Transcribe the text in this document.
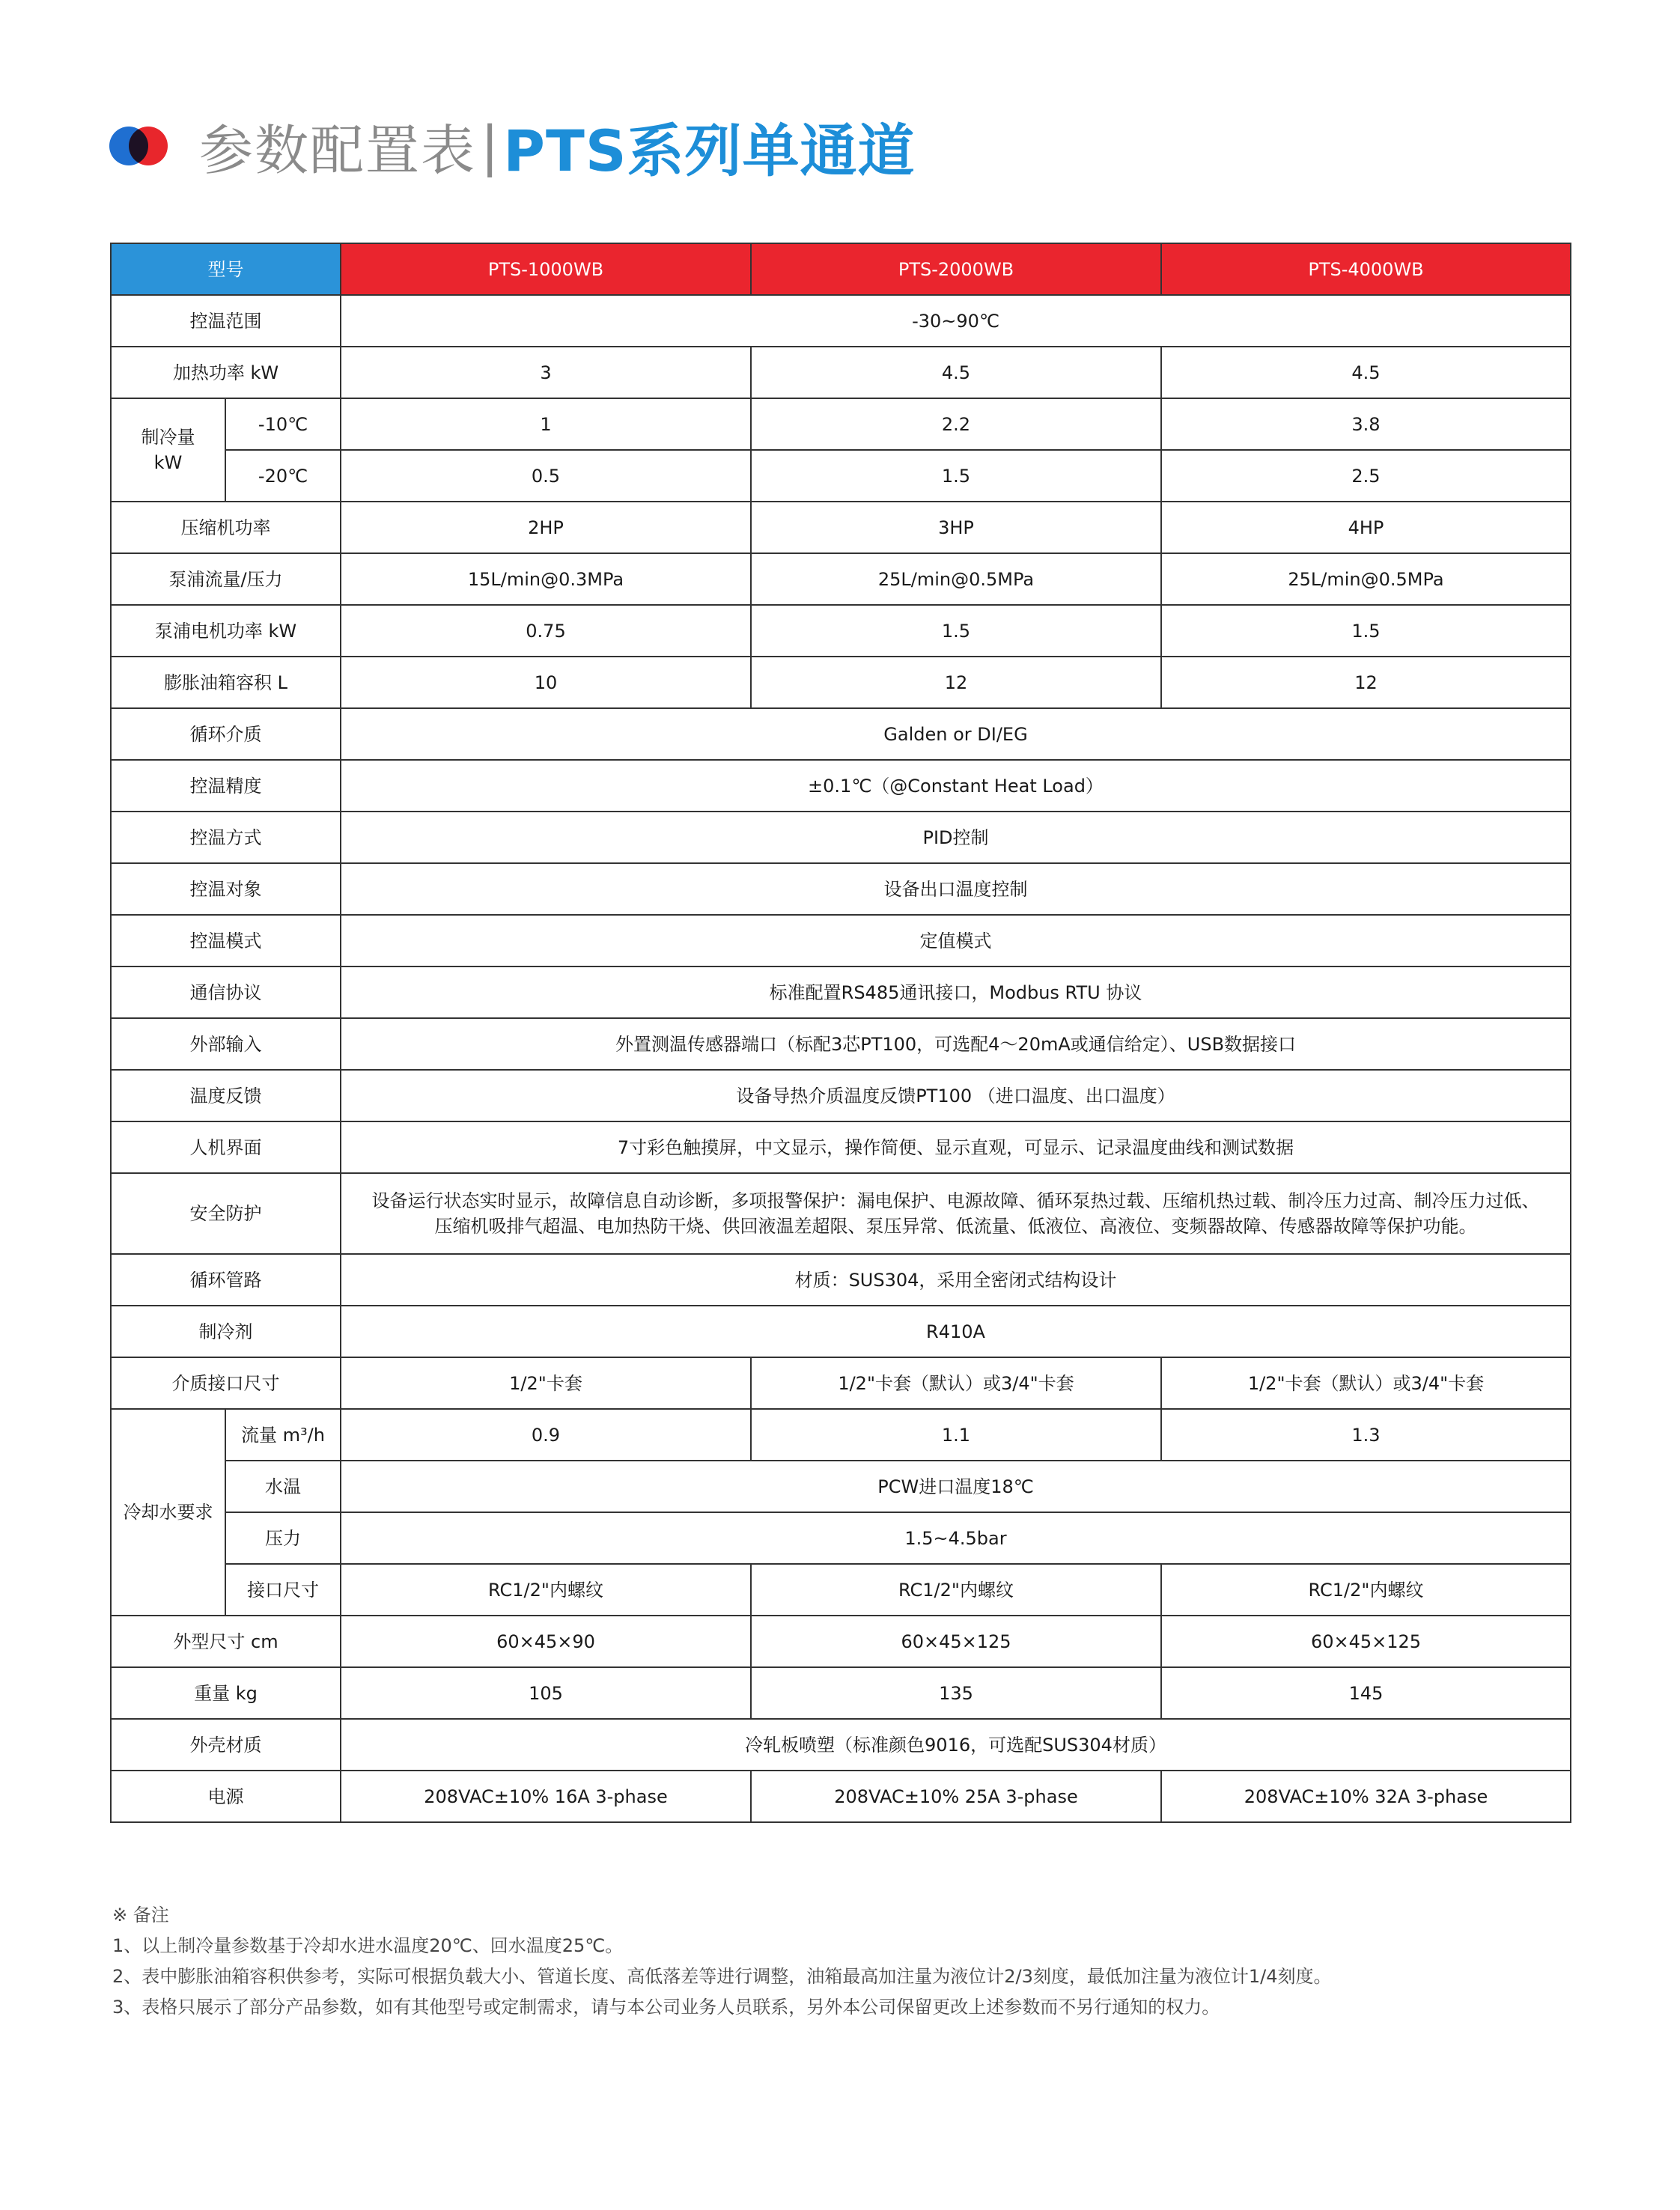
参数配置表 | PTS系列单通道
型号		PTS-1000WB	PTS-2000WB	PTS-4000WB
控温范围		-30~90℃		
加热功率 kW		3	4.5	4.5

制冷量
kW	-10℃	1	2.2	3.8
	-20℃	0.5	1.5	2.5
压缩机功率		2HP	3HP	4HP
泵浦流量/压力		15L/min@0.3MPa	25L/min@0.5MPa	25L/min@0.5MPa
泵浦电机功率 kW		0.75	1.5	1.5
膨胀油箱容积 L		10	12	12
循环介质		Galden or DI/EG		
控温精度		±0.1℃（@Constant Heat Load）		
控温方式		PID控制		
控温对象		设备出口温度控制		
控温模式		定值模式		
通信协议		标准配置RS485通讯接口，Modbus RTU 协议		
外部输入		外置测温传感器端口（标配3芯PT100，可选配4～20mA或通信给定）、USB数据接口		
温度反馈		设备导热介质温度反馈PT100 （进口温度、出口温度）		
人机界面		7寸彩色触摸屏，中文显示，操作简便、显示直观，可显示、记录温度曲线和测试数据		
安全防护		设备运行状态实时显示，故障信息自动诊断，多项报警保护：漏电保护、电源故障、循环泵热过载、压缩机热过载、制冷压力过高、制冷压力过低、
压缩机吸排气超温、电加热防干烧、供回液温差超限、泵压异常、低流量、低液位、高液位、变频器故障、传感器故障等保护功能。		

循环管路		材质：SUS304，采用全密闭式结构设计		
制冷剂		R410A		
介质接口尺寸		1/2"卡套	1/2"卡套（默认）或3/4"卡套	1/2"卡套（默认）或3/4"卡套
冷却水要求	流量 m³/h	0.9	1.1	1.3
	水温	PCW进口温度18℃		
	压力	1.5~4.5bar		
	接口尺寸	RC1/2"内螺纹	RC1/2"内螺纹	RC1/2"内螺纹
外型尺寸 cm		60×45×90	60×45×125	60×45×125
重量 kg		105	135	145
外壳材质		冷轧板喷塑（标准颜色9016，可选配SUS304材质）		
电源		208VAC±10% 16A 3-phase	208VAC±10% 25A 3-phase	208VAC±10% 32A 3-phase
※ 备注
1、以上制冷量参数基于冷却水进水温度20℃、回水温度25℃。
2、表中膨胀油箱容积供参考，实际可根据负载大小、管道长度、高低落差等进行调整，油箱最高加注量为液位计2/3刻度，最低加注量为液位计1/4刻度。
3、表格只展示了部分产品参数，如有其他型号或定制需求，请与本公司业务人员联系，另外本公司保留更改上述参数而不另行通知的权力。
